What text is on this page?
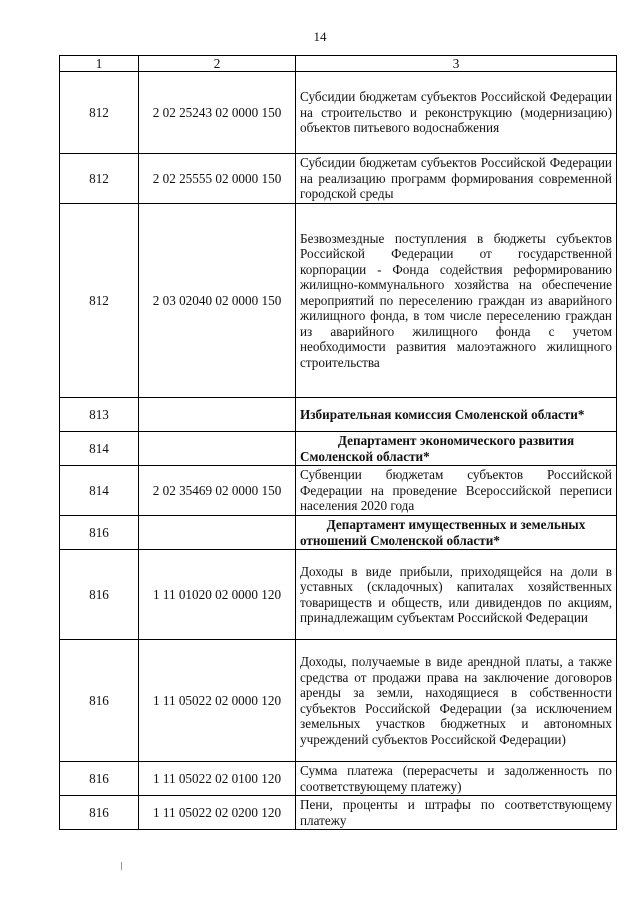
14
1	2	3
812	2 02 25243 02 0000 150	Субсидии бюджетам субъектов Российской Федерации на строительство и реконструкцию (модернизацию) объектов питьевого водоснабжения
812	2 02 25555 02 0000 150	Субсидии бюджетам субъектов Российской Федерации на реализацию программ формирования современной городской среды
812	2 03 02040 02 0000 150	Безвозмездные поступления в бюджеты субъектов Российской Федерации от государственной корпорации - Фонда содействия реформированию жилищно-коммунального хозяйства на обеспечение мероприятий по переселению граждан из аварийного жилищного фонда, в том числе переселению граждан из аварийного жилищного фонда с учетом необходимости развития малоэтажного жилищного строительства
813		Избирательная комиссия Смоленской области*
814		Департамент экономического развития Смоленской области*
814	2 02 35469 02 0000 150	Субвенции бюджетам субъектов Российской Федерации на проведение Всероссийской переписи населения 2020 года
816		Департамент имущественных и земельных отношений Смоленской области*
816	1 11 01020 02 0000 120	Доходы в виде прибыли, приходящейся на доли в уставных (складочных) капиталах хозяйственных товариществ и обществ, или дивидендов по акциям, принадлежащим субъектам Российской Федерации
816	1 11 05022 02 0000 120	Доходы, получаемые в виде арендной платы, а также средства от продажи права на заключение договоров аренды за земли, находящиеся в собственности субъектов Российской Федерации (за исключением земельных участков бюджетных и автономных учреждений субъектов Российской Федерации)
816	1 11 05022 02 0100 120	Сумма платежа (перерасчеты и задолженность по соответствующему платежу)
816	1 11 05022 02 0200 120	Пени, проценты и штрафы по соответствующему платежу
